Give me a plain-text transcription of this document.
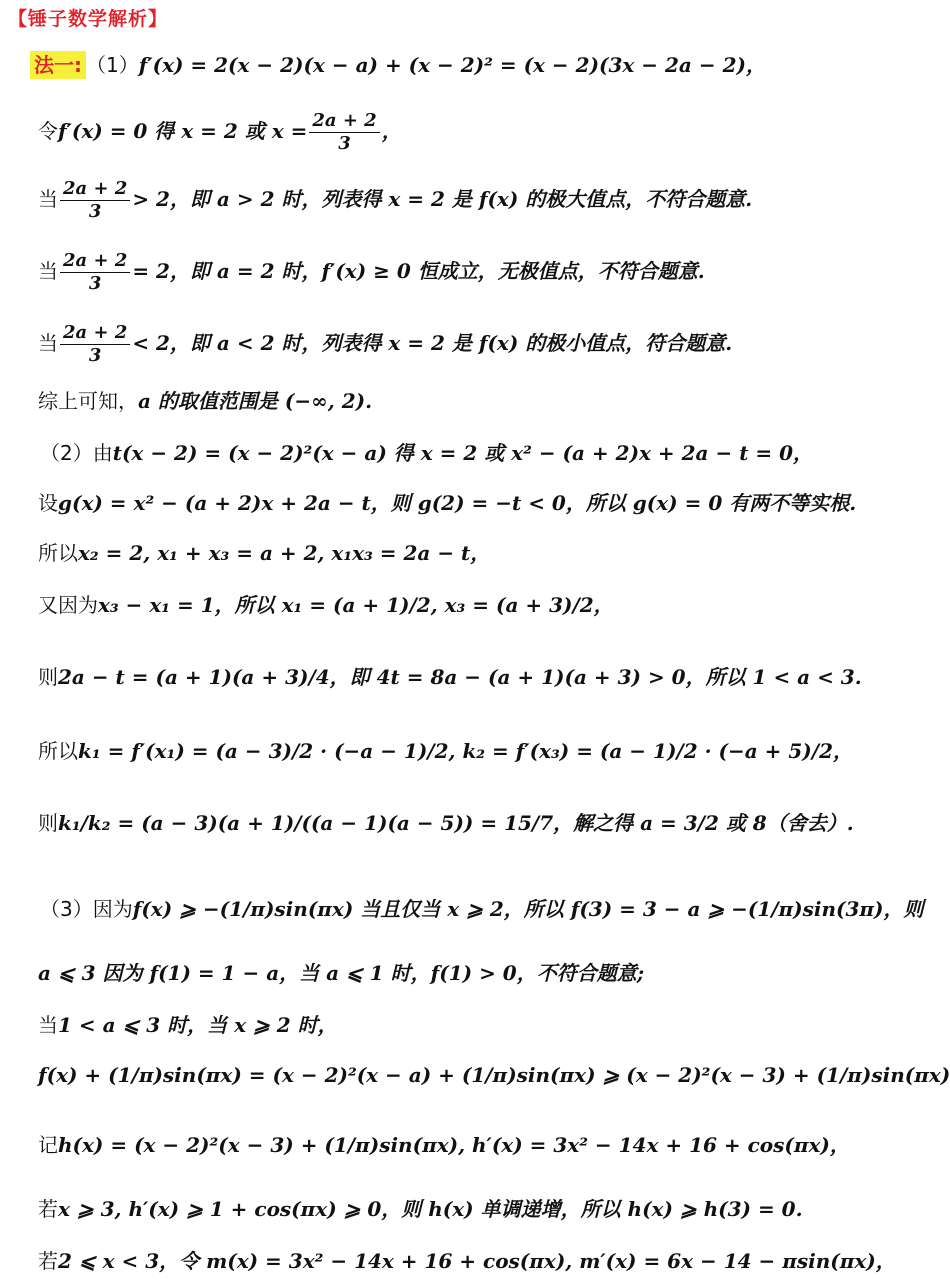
【锤子数学解析】
法一: （1）f′(x) = 2(x − 2)(x − a) + (x − 2)² = (x − 2)(3x − 2a − 2)，
令f′(x) = 0 得 x = 2 或 $x = \frac{2a + 2}{3}$ ，
当 $\frac{2a + 2}{3} > 2$，即 a > 2 时，列表得 x = 2 是 f(x) 的极大值点，不符合题意.
当 $\frac{2a + 2}{3} = 2$，即 a = 2 时，f′(x) ≥ 0 恒成立，无极值点，不符合题意.
当 $\frac{2a + 2}{3} < 2$，即 a < 2 时，列表得 x = 2 是 f(x) 的极小值点，符合题意.
综上可知，a 的取值范围是 (−∞, 2).
（2）由t(x − 2) = (x − 2)²(x − a) 得 x = 2 或 x² − (a + 2)x + 2a − t = 0，
设g(x) = x² − (a + 2)x + 2a − t，则 g(2) = −t < 0，所以 g(x) = 0 有两不等实根.
所以x₂ = 2, x₁ + x₃ = a + 2, x₁x₃ = 2a − t，
又因为x₃ − x₁ = 1，所以 x₁ = (a + 1)/2, x₃ = (a + 3)/2，
则2a − t = (a + 1)(a + 3)/4，即 4t = 8a − (a + 1)(a + 3) > 0，所以 1 < a < 3.
所以k₁ = f′(x₁) = (a − 3)/2 · (−a − 1)/2, k₂ = f′(x₃) = (a − 1)/2 · (−a + 5)/2，
则k₁/k₂ = (a − 3)(a + 1)/((a − 1)(a − 5)) = 15/7，解之得 a = 3/2 或 8（舍去）.
（3）因为f(x) ⩾ −(1/π)sin(πx) 当且仅当 x ⩾ 2，所以 f(3) = 3 − a ⩾ −(1/π)sin(3π)，则
a ⩽ 3 因为 f(1) = 1 − a，当 a ⩽ 1 时，f(1) > 0，不符合题意;
当1 < a ⩽ 3 时，当 x ⩾ 2 时，
f(x) + (1/π)sin(πx) = (x − 2)²(x − a) + (1/π)sin(πx) ⩾ (x − 2)²(x − 3) + (1/π)sin(πx)
记h(x) = (x − 2)²(x − 3) + (1/π)sin(πx), h′(x) = 3x² − 14x + 16 + cos(πx)，
若x ⩾ 3, h′(x) ⩾ 1 + cos(πx) ⩾ 0，则 h(x) 单调递增，所以 h(x) ⩾ h(3) = 0.
若2 ⩽ x < 3，令 m(x) = 3x² − 14x + 16 + cos(πx), m′(x) = 6x − 14 − πsin(πx)，
